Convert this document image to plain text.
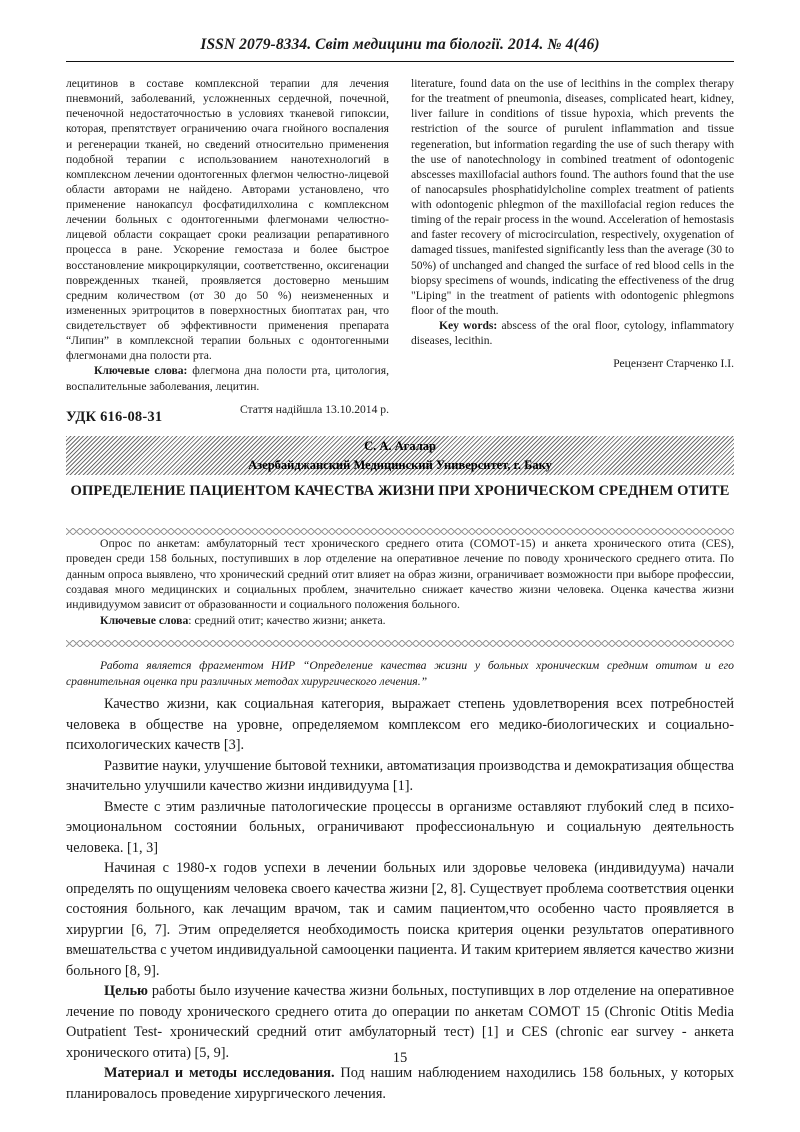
ISSN 2079-8334. Світ медицини та біології. 2014. № 4(46)

лецитинов в составе комплексной терапии для лечения пневмоний, заболеваний, усложненных сердечной, почечной, печеночной недостаточностью в условиях тканевой гипоксии, которая, препятствует ограничению очага гнойного воспаления и регенерации тканей, но сведений относительно применения подобной терапии с использованием нанотехнологий в комплексном лечении одонтогенных флегмон челюстно-лицевой области авторами не найдено. Авторами установлено, что применение нанокапсул фосфатидилхолина с комплексном лечении больных с одонтогенными флегмонами челюстно-лицевой области сокращает сроки реализации репаративного процесса в ране. Ускорение гемостаза и более быстрое восстановление микроциркуляции, соответственно, оксигенации поврежденных тканей, проявляется достоверно меньшим средним количеством (от 30 до 50 %) неизмененных и измененных эритроцитов в поверхностных биоптатах ран, что свидетельствует об эффективности применения препарата “Липин” в комплексной терапии больных с одонтогенными флегмонами дна полости рта.

Ключевые слова: флегмона дна полости рта, цитология, воспалительные заболевания, лецитин.

Стаття надійшла 13.10.2014 р.

literature, found data on the use of lecithins in the complex therapy for the treatment of pneumonia, diseases, complicated heart, kidney, liver failure in conditions of tissue hypoxia, which prevents the restriction of the source of purulent inflammation and tissue regeneration, but information regarding the use of such therapy with the use of nanotechnology in combined treatment of odontogenic abscesses maxillofacial authors found. The authors found that the use of nanocapsules phosphatidylcholine complex treatment of patients with odontogenic phlegmon of the maxillofacial region reduces the timing of the repair process in the wound. Acceleration of hemostasis and faster recovery of microcirculation, respectively, oxygenation of damaged tissues, manifested significantly less than the average (30 to 50%) of unchanged and changed the surface of red blood cells in the biopsy specimens of wounds, indicating the effectiveness of the drug "Liping" in the treatment of patients with odontogenic phlegmons floor of the mouth.

Key words: abscess of the oral floor, cytology, inflammatory diseases, lecithin.

Рецензент Старченко І.І.

УДК 616-08-31
С. А. Агалар
Азербайджанский Медицинский Университет, г. Баку
ОПРЕДЕЛЕНИЕ ПАЦИЕНТОМ КАЧЕСТВА ЖИЗНИ ПРИ ХРОНИЧЕСКОМ СРЕДНЕМ ОТИТЕ

Опрос по анкетам: амбулаторный тест хронического среднего отита (СОМОТ-15) и анкета хронического отита (CES), проведен среди 158 больных, поступивших в лор отделение на оперативное лечение по поводу хронического среднего отита. По данным опроса выявлено, что хронический средний отит влияет на образ жизни, ограничивает возможности при выборе профессии, создавая много медицинских и социальных проблем, значительно снижает качество жизни человека. Оценка качества жизни индивидуумом зависит от образованности и социального положения больного.

Ключевые слова: средний отит; качество жизни; анкета.

Работа является фрагментом НИР “Определение качества жизни у больных хроническим средним отитом и его сравнительная оценка при различных методах хирургического лечения.”

Качество жизни, как социальная категория, выражает степень удовлетворения всех потребностей человека в обществе на уровне, определяемом комплексом его медико-биологических и социально-психологических качеств [3].

Развитие науки, улучшение бытовой техники, автоматизация производства и демократизация общества значительно улучшили качество жизни индивидуума [1].

Вместе с этим различные патологические процессы в организме оставляют глубокий след в психо-эмоциональном состоянии больных, ограничивают профессиональную и социальную деятельность человека. [1, 3]

Начиная с 1980-х годов успехи в лечении больных или здоровье человека (индивидуума) начали определять по ощущениям человека своего качества жизни [2, 8]. Существует проблема соответствия оценки состояния больного, как лечащим врачом, так и самим пациентом,что особенно часто проявляется в хирургии [6, 7]. Этим определяется необходимость поиска критерия оценки результатов оперативного вмешательства с учетом индивидуальной самооценки пациента. И таким критерием является качество жизни больного [8, 9].

Целью работы было изучение качества жизни больных, поступивщих в лор отделение на оперативное лечение по поводу хронического среднего отита до операции по анкетам СОМОТ 15 (Chronic Otitis Media Outpatient Test- хронический средний отит амбулаторный тест) [1] и CES (chronic ear survey - анкета хронического отита) [5, 9].

Материал и методы исследования. Под нашим наблюдением находились 158 больных, у которых планировалось проведение хирургического лечения.

15
